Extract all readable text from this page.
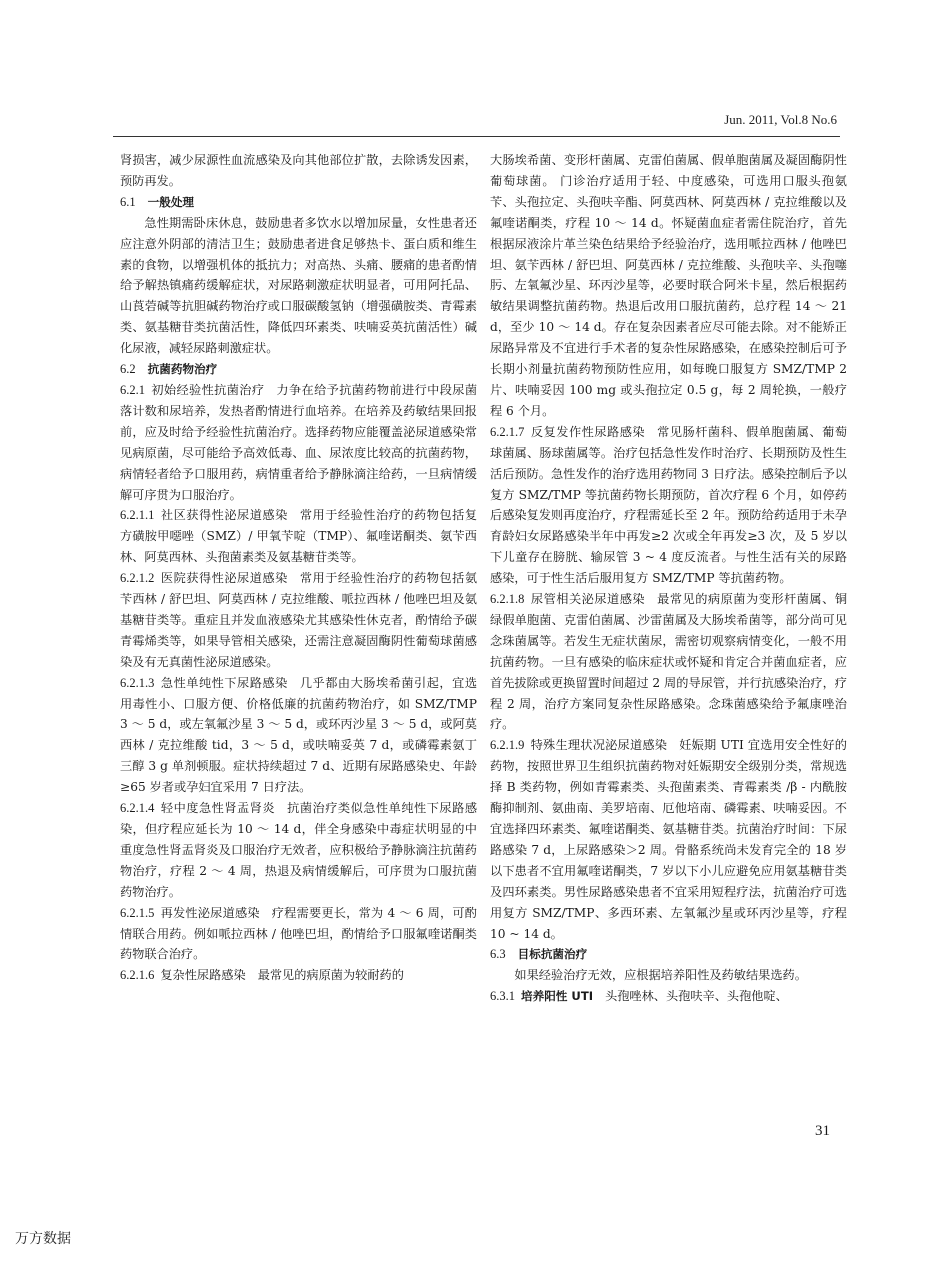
Jun. 2011, Vol.8 No.6

肾损害，减少尿源性血流感染及向其他部位扩散，去除诱发因素，预防再发。

6.1 一般处理

急性期需卧床休息，鼓励患者多饮水以增加尿量，女性患者还应注意外阴部的清洁卫生；鼓励患者进食足够热卡、蛋白质和维生素的食物，以增强机体的抵抗力；对高热、头痛、腰痛的患者酌情给予解热镇痛药缓解症状，对尿路刺激症状明显者，可用阿托品、山莨菪碱等抗胆碱药物治疗或口服碳酸氢钠（增强磺胺类、青霉素类、氨基糖苷类抗菌活性，降低四环素类、呋喃妥英抗菌活性）碱化尿液，减轻尿路刺激症状。

6.2 抗菌药物治疗

6.2.1 初始经验性抗菌治疗 力争在给予抗菌药物前进行中段尿菌落计数和尿培养，发热者酌情进行血培养。在培养及药敏结果回报前，应及时给予经验性抗菌治疗。选择药物应能覆盖泌尿道感染常见病原菌，尽可能给予高效低毒、血、尿浓度比较高的抗菌药物，病情轻者给予口服用药，病情重者给予静脉滴注给药，一旦病情缓解可序贯为口服治疗。

6.2.1.1 社区获得性泌尿道感染 常用于经验性治疗的药物包括复方磺胺甲噁唑（SMZ）/ 甲氧苄啶（TMP）、氟喹诺酮类、氨苄西林、阿莫西林、头孢菌素类及氨基糖苷类等。

6.2.1.2 医院获得性泌尿道感染 常用于经验性治疗的药物包括氨苄西林 / 舒巴坦、阿莫西林 / 克拉维酸、哌拉西林 / 他唑巴坦及氨基糖苷类等。重症且并发血液感染尤其感染性休克者，酌情给予碳青霉烯类等，如果导管相关感染，还需注意凝固酶阴性葡萄球菌感染及有无真菌性泌尿道感染。

6.2.1.3 急性单纯性下尿路感染 几乎都由大肠埃希菌引起，宜选用毒性小、口服方便、价格低廉的抗菌药物治疗，如 SMZ/TMP 3 ～ 5 d，或左氧氟沙星 3 ～ 5 d，或环丙沙星 3 ～ 5 d，或阿莫西林 / 克拉维酸 tid，3 ～ 5 d，或呋喃妥英 7 d，或磷霉素氨丁三醇 3 g 单剂顿服。症状持续超过 7 d、近期有尿路感染史、年龄≥65 岁者或孕妇宜采用 7 日疗法。

6.2.1.4 轻中度急性肾盂肾炎 抗菌治疗类似急性单纯性下尿路感染，但疗程应延长为 10 ～ 14 d，伴全身感染中毒症状明显的中重度急性肾盂肾炎及口服治疗无效者，应积极给予静脉滴注抗菌药物治疗，疗程 2 ～ 4 周，热退及病情缓解后，可序贯为口服抗菌药物治疗。

6.2.1.5 再发性泌尿道感染 疗程需要更长，常为 4 ～ 6 周，可酌情联合用药。例如哌拉西林 / 他唑巴坦，酌情给予口服氟喹诺酮类药物联合治疗。

6.2.1.6 复杂性尿路感染 最常见的病原菌为较耐药的

大肠埃希菌、变形杆菌属、克雷伯菌属、假单胞菌属及凝固酶阴性葡萄球菌。 门诊治疗适用于轻、中度感染，可选用口服头孢氨苄、头孢拉定、头孢呋辛酯、阿莫西林、阿莫西林 / 克拉维酸以及氟喹诺酮类，疗程 10 ～ 14 d。怀疑菌血症者需住院治疗，首先根据尿液涂片革兰染色结果给予经验治疗，选用哌拉西林 / 他唑巴坦、氨苄西林 / 舒巴坦、阿莫西林 / 克拉维酸、头孢呋辛、头孢噻肟、左氧氟沙星、环丙沙星等，必要时联合阿米卡星，然后根据药敏结果调整抗菌药物。热退后改用口服抗菌药，总疗程 14 ～ 21 d，至少 10 ～ 14 d。存在复杂因素者应尽可能去除。对不能矫正尿路异常及不宜进行手术者的复杂性尿路感染，在感染控制后可予长期小剂量抗菌药物预防性应用，如每晚口服复方 SMZ/TMP 2 片、呋喃妥因 100 mg 或头孢拉定 0.5 g，每 2 周轮换，一般疗程 6 个月。

6.2.1.7 反复发作性尿路感染 常见肠杆菌科、假单胞菌属、葡萄球菌属、肠球菌属等。治疗包括急性发作时治疗、长期预防及性生活后预防。急性发作的治疗选用药物同 3 日疗法。感染控制后予以复方 SMZ/TMP 等抗菌药物长期预防，首次疗程 6 个月，如停药后感染复发则再度治疗，疗程需延长至 2 年。预防给药适用于未孕育龄妇女尿路感染半年中再发≥2 次或全年再发≥3 次，及 5 岁以下儿童存在膀胱、输尿管 3 ~ 4 度反流者。与性生活有关的尿路感染，可于性生活后服用复方 SMZ/TMP 等抗菌药物。

6.2.1.8 尿管相关泌尿道感染 最常见的病原菌为变形杆菌属、铜绿假单胞菌、克雷伯菌属、沙雷菌属及大肠埃希菌等，部分尚可见念珠菌属等。若发生无症状菌尿，需密切观察病情变化，一般不用抗菌药物。一旦有感染的临床症状或怀疑和肯定合并菌血症者，应首先拔除或更换留置时间超过 2 周的导尿管，并行抗感染治疗，疗程 2 周，治疗方案同复杂性尿路感染。念珠菌感染给予氟康唑治疗。

6.2.1.9 特殊生理状况泌尿道感染 妊娠期 UTI 宜选用安全性好的药物，按照世界卫生组织抗菌药物对妊娠期安全级别分类，常规选择 B 类药物，例如青霉素类、头孢菌素类、青霉素类 /β - 内酰胺酶抑制剂、氨曲南、美罗培南、厄他培南、磷霉素、呋喃妥因。不宜选择四环素类、氟喹诺酮类、氨基糖苷类。抗菌治疗时间：下尿路感染 7 d，上尿路感染＞2 周。骨骼系统尚未发育完全的 18 岁以下患者不宜用氟喹诺酮类，7 岁以下小儿应避免应用氨基糖苷类及四环素类。男性尿路感染患者不宜采用短程疗法，抗菌治疗可选用复方 SMZ/TMP、多西环素、左氧氟沙星或环丙沙星等，疗程 10 ~ 14 d。

6.3 目标抗菌治疗

如果经验治疗无效，应根据培养阳性及药敏结果选药。

6.3.1 培养阳性 UTI 头孢唑林、头孢呋辛、头孢他啶、

31
万方数据
